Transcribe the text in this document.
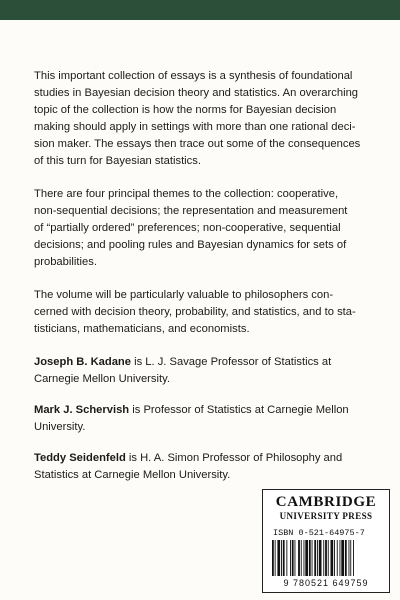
This important collection of essays is a synthesis of foundational
studies in Bayesian decision theory and statistics. An overarching
topic of the collection is how the norms for Bayesian decision
making should apply in settings with more than one rational deci-
sion maker. The essays then trace out some of the consequences
of this turn for Bayesian statistics.

There are four principal themes to the collection: cooperative,
non-sequential decisions; the representation and measurement
of “partially ordered” preferences; non-cooperative, sequential
decisions; and pooling rules and Bayesian dynamics for sets of
probabilities.

The volume will be particularly valuable to philosophers con-
cerned with decision theory, probability, and statistics, and to sta-
tisticians, mathematicians, and economists.

Joseph B. Kadane is L. J. Savage Professor of Statistics at
Carnegie Mellon University.

Mark J. Schervish is Professor of Statistics at Carnegie Mellon
University.

Teddy Seidenfeld is H. A. Simon Professor of Philosophy and
Statistics at Carnegie Mellon University.

CAMBRIDGE
UNIVERSITY PRESS
ISBN 0-521-64975-7
9 780521 649759
